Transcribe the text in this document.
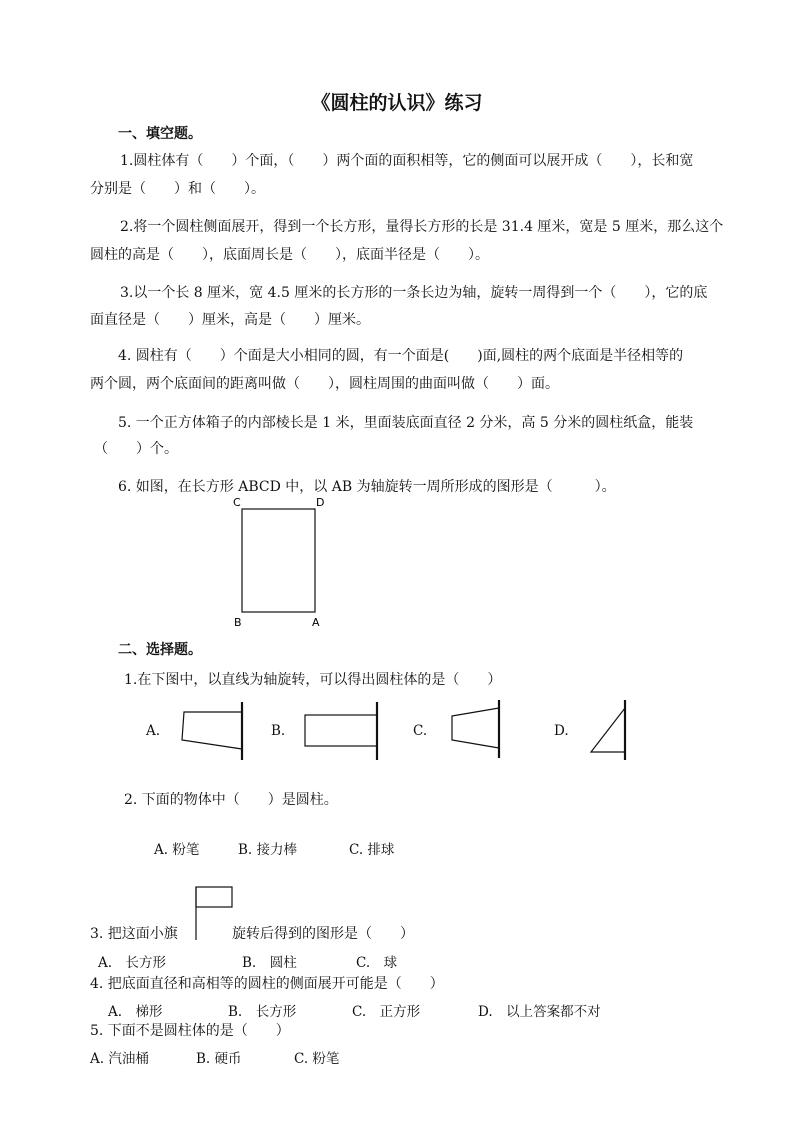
《圆柱的认识》练习
一、填空题。
1.圆柱体有（　　）个面，（　　）两个面的面积相等，它的侧面可以展开成（　　），长和宽
分别是（　　）和（　　）。
2.将一个圆柱侧面展开，得到一个长方形，量得长方形的长是 31.4 厘米，宽是 5 厘米，那么这个
圆柱的高是（　　），底面周长是（　　），底面半径是（　　）。
3.以一个长 8 厘米，宽 4.5 厘米的长方形的一条长边为轴，旋转一周得到一个（　　），它的底
面直径是（　　）厘米，高是（　　）厘米。
4. 圆柱有（　　）个面是大小相同的圆，有一个面是(　　)面,圆柱的两个底面是半径相等的
两个圆，两个底面间的距离叫做（　　），圆柱周围的曲面叫做（　　）面。
5. 一个正方体箱子的内部棱长是 1 米，里面装底面直径 2 分米，高 5 分米的圆柱纸盒，能装
（　　）个。
6. 如图，在长方形 ABCD 中，以 AB 为轴旋转一周所形成的图形是（　　　）。
C	D
B	A
二、选择题。
1.在下图中，以直线为轴旋转，可以得出圆柱体的是（　　）
A.	B.	C.	D.
2. 下面的物体中（　　）是圆柱。
A. 粉笔	B. 接力棒	C. 排球
3. 把这面小旗	旋转后得到的图形是（　　）
A.　长方形	B.　圆柱	C.　球
4. 把底面直径和高相等的圆柱的侧面展开可能是（　　）
A.　梯形	B.　长方形	C.　正方形	D.　以上答案都不对
5. 下面不是圆柱体的是（　　）
A. 汽油桶	B. 硬币	C. 粉笔
